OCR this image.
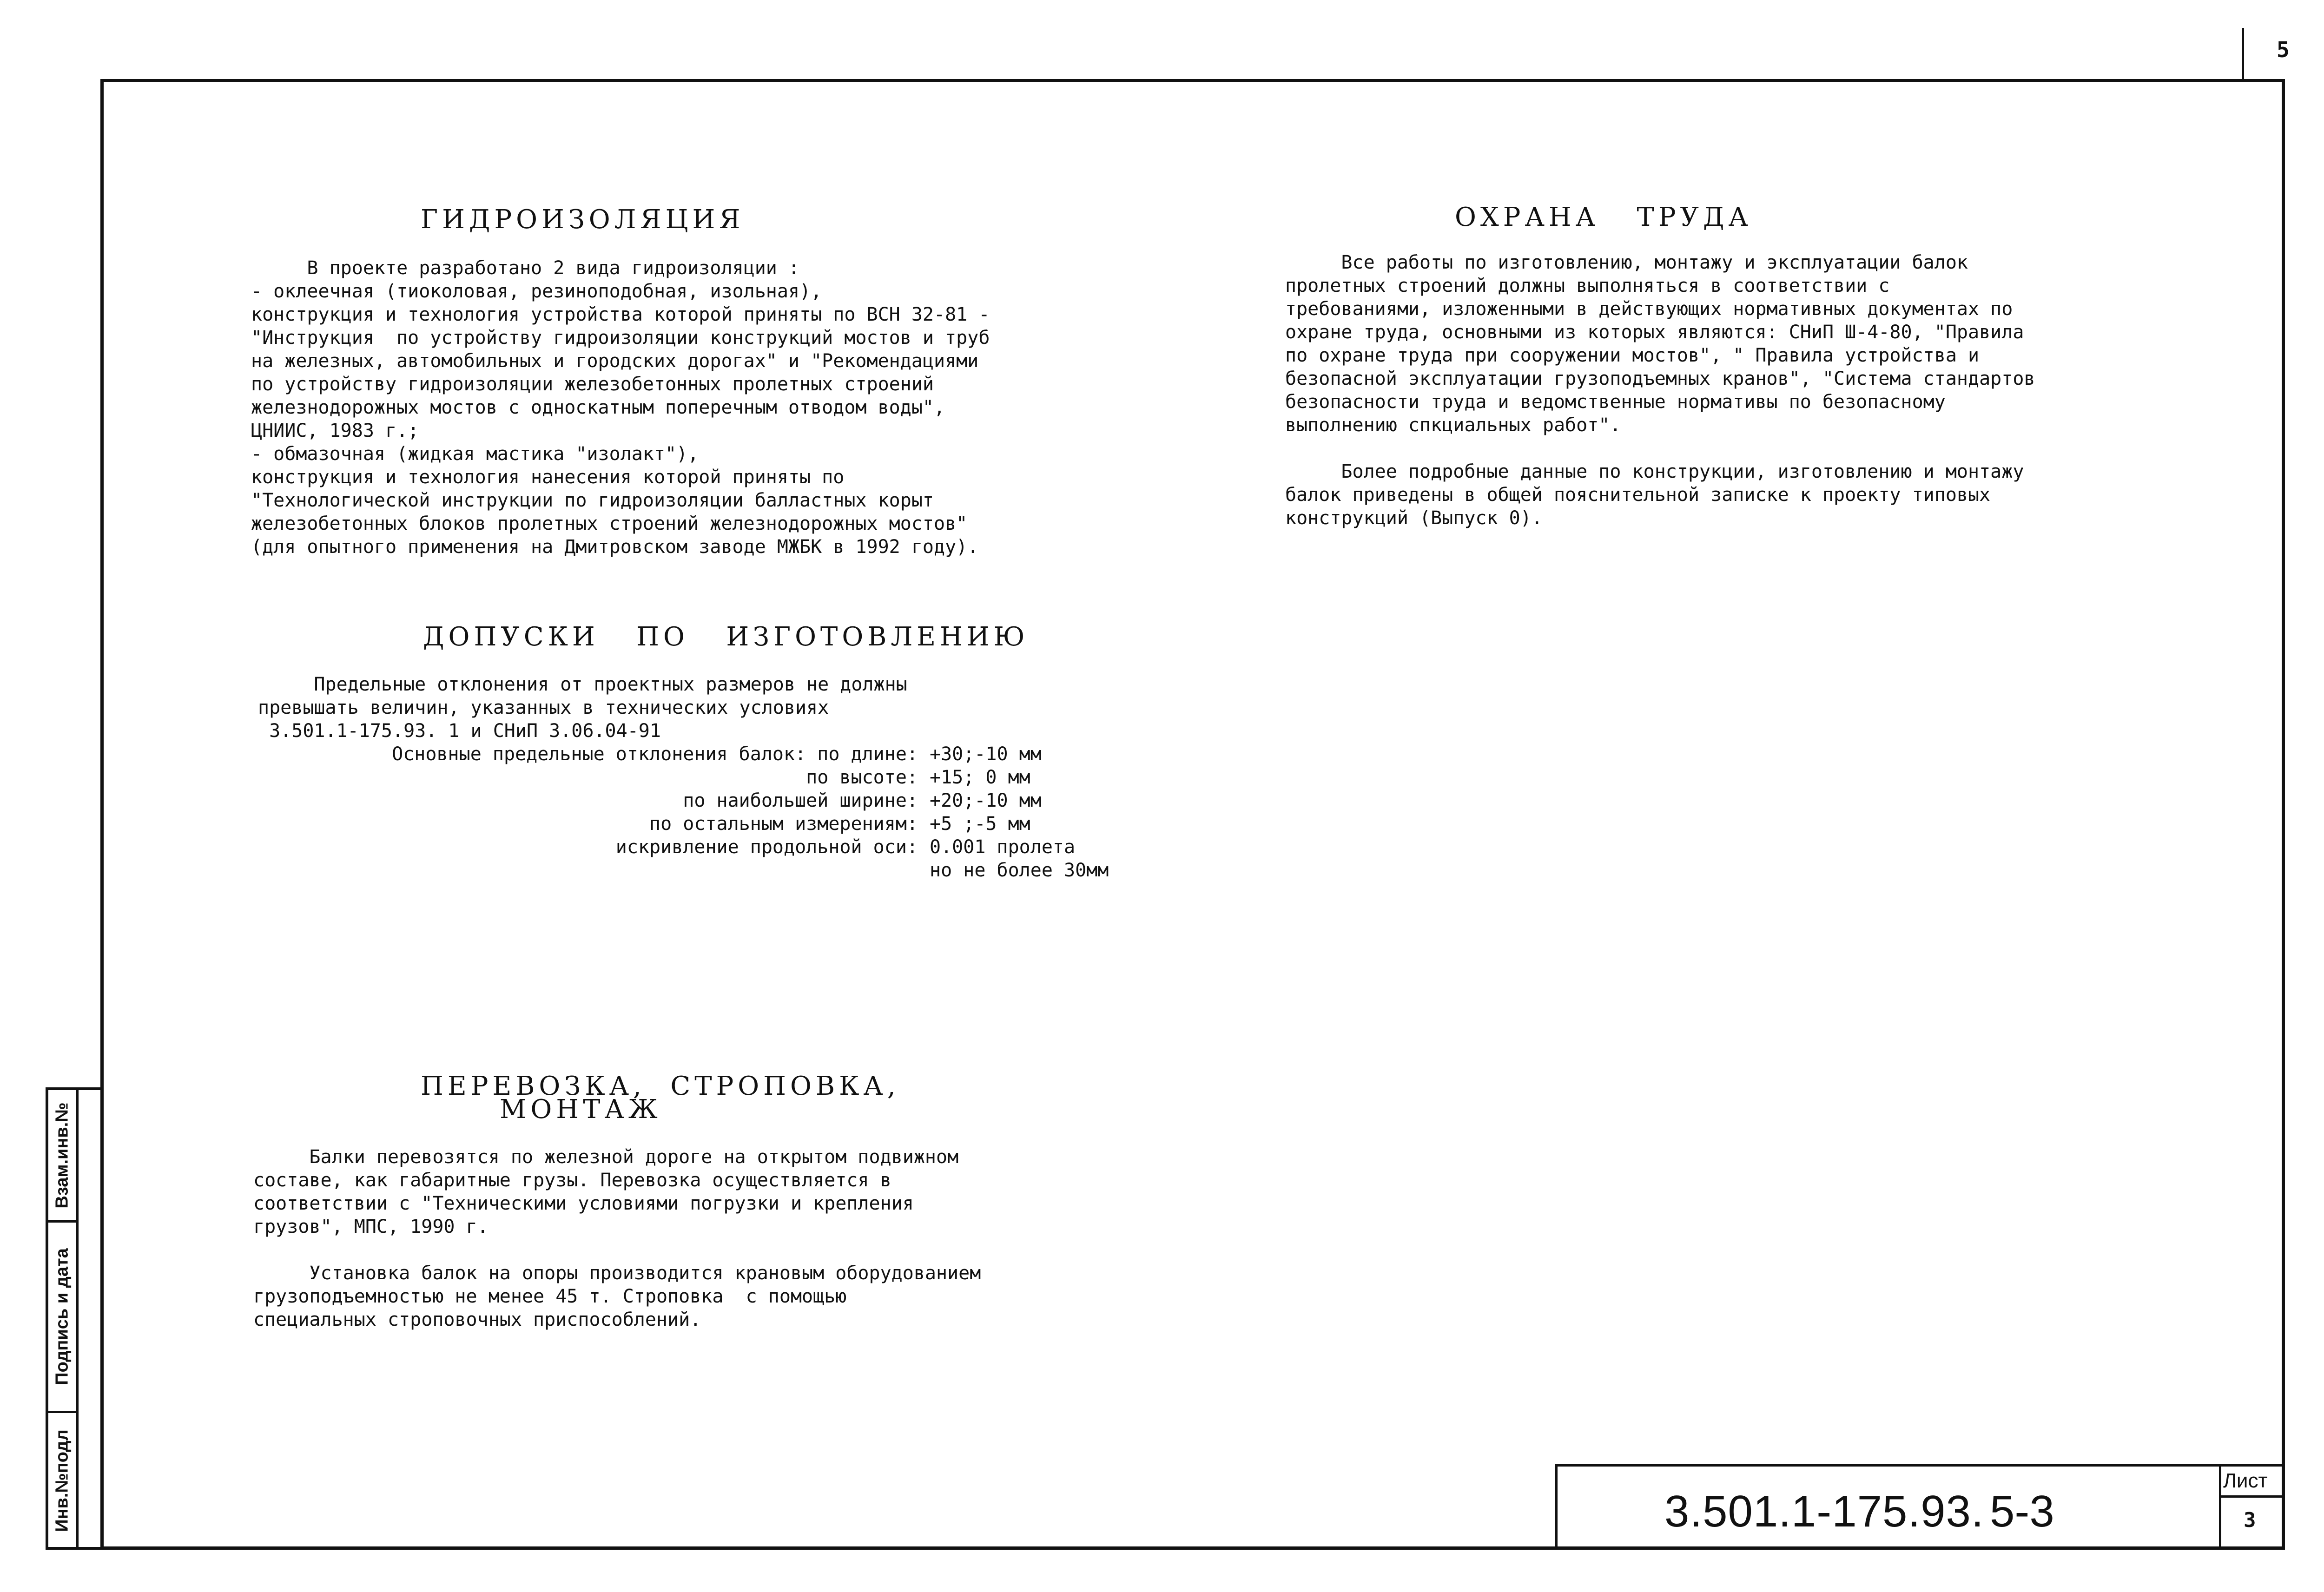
5
Взам.инв.№
Подпись и дата
Инв.№подл
ГИДРОИЗОЛЯЦИЯ

В проекте разработано 2 вида гидроизоляции :

- оклеечная (тиоколовая, резиноподобная, изольная),

конструкция и технология устройства которой приняты по ВСН 32-81 -

"Инструкция  по устройству гидроизоляции конструкций мостов и труб

на железных, автомобильных и городских дорогах" и "Рекомендациями

по устройству гидроизоляции железобетонных пролетных строений

железнодорожных мостов с односкатным поперечным отводом воды",

ЦНИИС, 1983 г.;

- обмазочная (жидкая мастика "изолакт"),

конструкция и технология нанесения которой приняты по

"Технологической инструкции по гидроизоляции балластных корыт

железобетонных блоков пролетных строений железнодорожных мостов"

(для опытного применения на Дмитровском заводе МЖБК в 1992 году).

ДОПУСКИ   ПО   ИЗГОТОВЛЕНИЮ

Предельные отклонения от проектных размеров не должны

превышать величин, указанных в технических условиях

3.501.1-175.93. 1 и СНиП 3.06.04-91

Основные предельные отклонения балок: по длине: +30;-10 мм
по высоте: +15; 0 мм
по наибольшей ширине: +20;-10 мм
по остальным измерениям: +5 ;-5 мм
искривление продольной оси: 0.001 пролета
но не более 30мм
ПЕРЕВОЗКА,  СТРОПОВКА,
МОНТАЖ

Балки перевозятся по железной дороге на открытом подвижном

составе, как габаритные грузы. Перевозка осуществляется в

соответствии с "Техническими условиями погрузки и крепления

грузов", МПС, 1990 г.

Установка балок на опоры производится крановым оборудованием

грузоподъемностью не менее 45 т. Строповка  с помощью

специальных строповочных приспособлений.

ОХРАНА   ТРУДА

Все работы по изготовлению, монтажу и эксплуатации балок

пролетных строений должны выполняться в соответствии с

требованиями, изложенными в действующих нормативных документах по

охране труда, основными из которых являются: СНиП Ш-4-80, "Правила

по охране труда при сооружении мостов", " Правила устройства и

безопасной эксплуатации грузоподъемных кранов", "Система стандартов

безопасности труда и ведомственные нормативы по безопасному

выполнению спкциальных работ".

Более подробные данные по конструкции, изготовлению и монтажу

балок приведены в общей пояснительной записке к проекту типовых

конструкций (Выпуск 0).

3.501.1-175.93. 5-3
Лист
3
